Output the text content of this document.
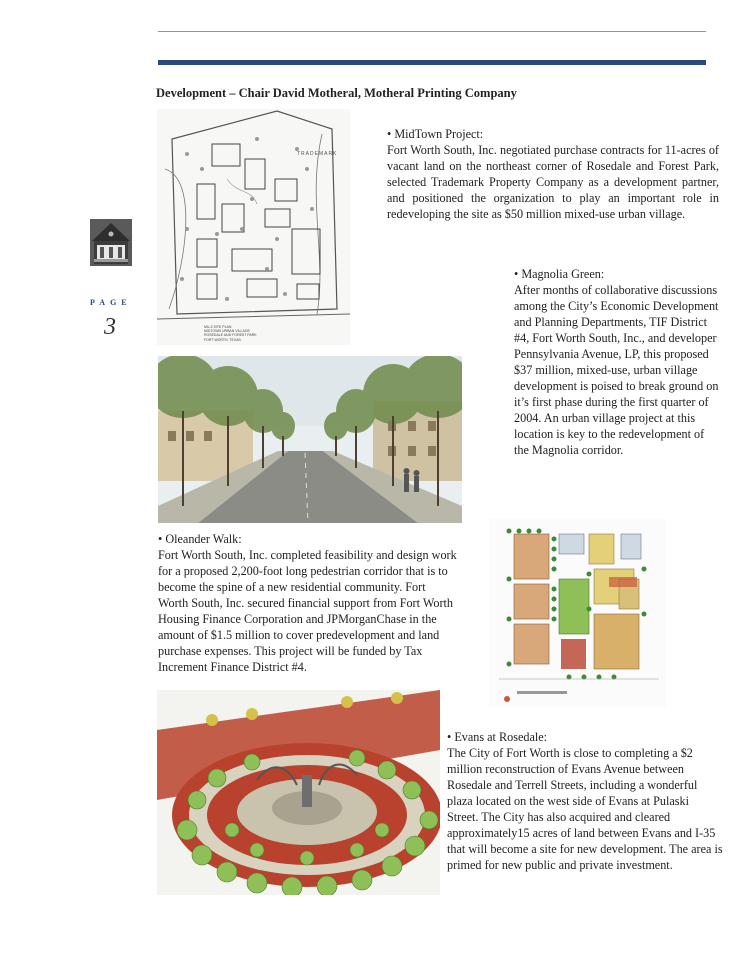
Development – Chair David Motheral, Motheral Printing Company
PAGE
3
TRADEMARK
MU-2 SITE PLAN
MIDTOWN URBAN VILLAGE
ROSEDALE AND FOREST PARK
FORT WORTH, TEXAS

• MidTown Project:

Fort Worth South, Inc. negotiated purchase contracts for 11-acres of vacant land on the northeast corner of Rosedale and Forest Park, selected Trademark Property Company as a development partner, and positioned the organization to play an important role in redeveloping the site as $50 million mixed-use urban village.

• Magnolia Green:

After months of collaborative discussions among the City’s Economic Development and Planning Departments, TIF District #4, Fort Worth South, Inc., and developer Pennsylvania Avenue, LP, this proposed $37 million, mixed-use, urban village development is poised to break ground on it’s first phase during the first quarter of 2004. An urban village project at this location is key to the redevelopment of the Magnolia corridor.

• Oleander Walk:

Fort Worth South, Inc. completed feasibility and design work for a proposed 2,200-foot long pedestrian corridor that is to become the spine of a new residential community. Fort Worth South, Inc. secured financial support from Fort Worth Housing Finance Corporation and JPMorganChase in the amount of $1.5 million to cover predevelopment and land purchase expenses. This project will be funded by Tax Increment Finance District #4.

• Evans at Rosedale:

The City of Fort Worth is close to completing a $2 million reconstruction of Evans Avenue between Rosedale and Terrell Streets, including a wonderful plaza located on the west side of Evans at Pulaski Street. The City has also acquired and cleared approximately15 acres of land between Evans and I-35 that will become a site for new development. The area is primed for new public and private investment.
